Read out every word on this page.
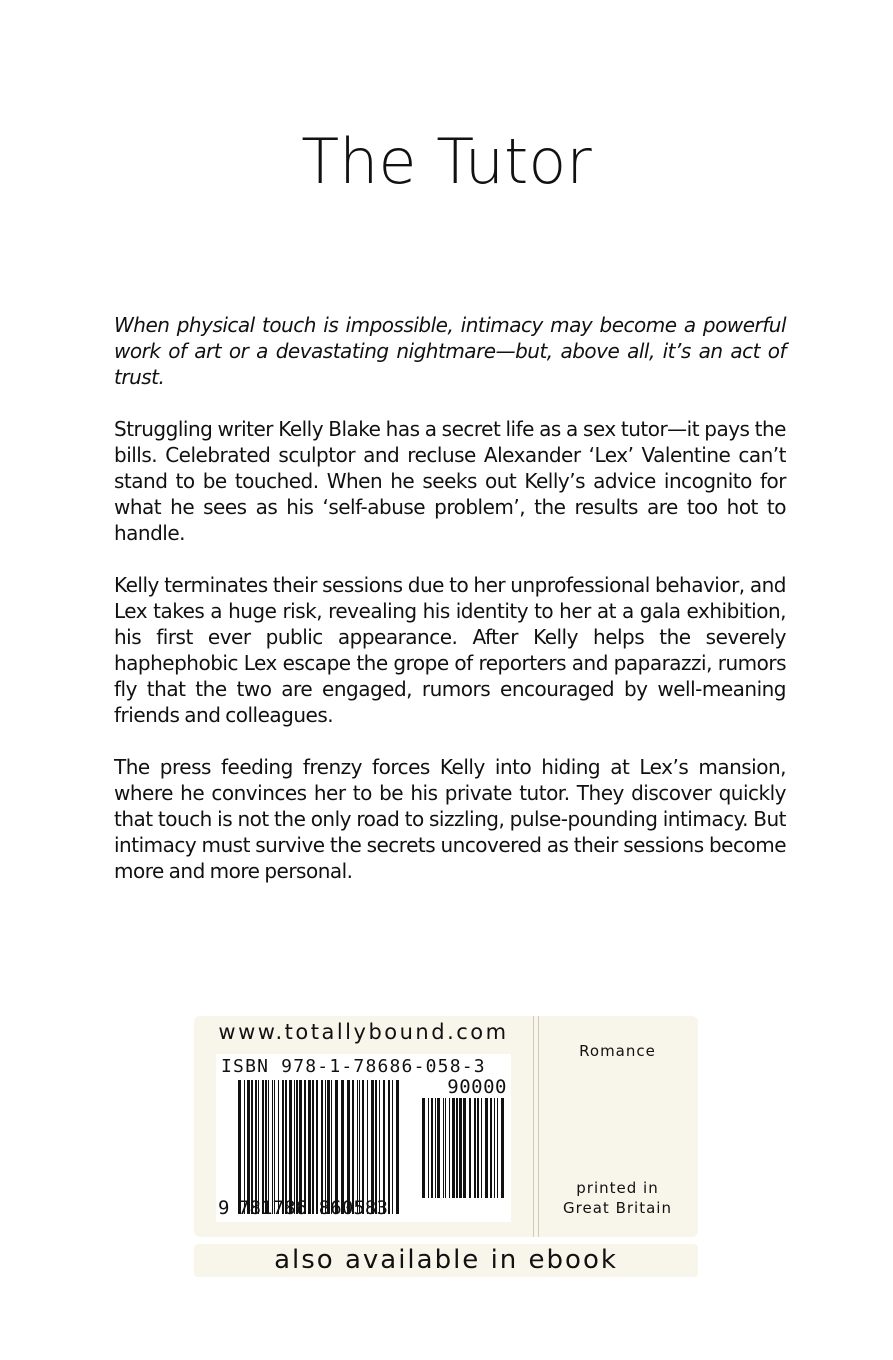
The Tutor

When physical touch is impossible, intimacy may become a powerful work of art or a devastating nightmare—but, above all, it’s an act of trust.

Struggling writer Kelly Blake has a secret life as a sex tutor—it pays the bills. Celebrated sculptor and recluse Alexander ‘Lex’ Valentine can’t stand to be touched. When he seeks out Kelly’s advice incognito for what he sees as his ‘self-abuse problem’, the results are too hot to handle.

Kelly terminates their sessions due to her unprofessional behavior, and Lex takes a huge risk, revealing his identity to her at a gala exhibition, his first ever public appearance. After Kelly helps the severely haphephobic Lex escape the grope of reporters and paparazzi, rumors fly that the two are engaged, rumors encouraged by well-meaning friends and colleagues.

The press feeding frenzy forces Kelly into hiding at Lex’s mansion, where he convinces her to be his private tutor. They discover quickly that touch is not the only road to sizzling, pulse-pounding intimacy. But intimacy must survive the secrets uncovered as their sessions become more and more personal.

www.totallybound.com
ISBN 978-1-78686-058-3
90000
9 781786 860583
Romance
printed in
Great Britain
also available in ebook
